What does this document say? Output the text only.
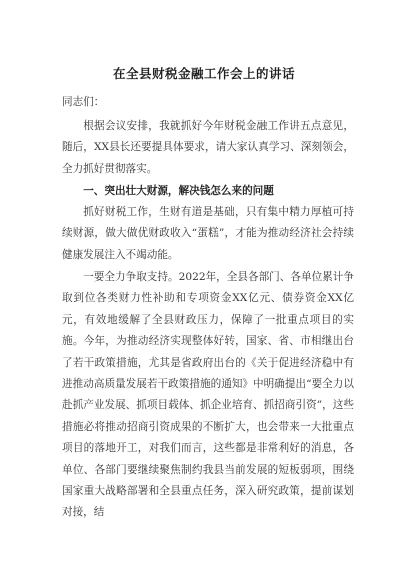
在全县财税金融工作会上的讲话
同志们：

根据会议安排，我就抓好今年财税金融工作讲五点意见，随后，XX县长还要提具体要求，请大家认真学习、深刻领会，全力抓好贯彻落实。

一、突出壮大财源，解决钱怎么来的问题

抓好财税工作，生财有道是基础，只有集中精力厚植可持续财源，做大做优财政收入“蛋糕”，才能为推动经济社会持续健康发展注入不竭动能。

一要全力争取支持。2022年，全县各部门、各单位累计争取到位各类财力性补助和专项资金XX亿元、债券资金XX亿元，有效地缓解了全县财政压力，保障了一批重点项目的实施。今年，为推动经济实现整体好转，国家、省、市相继出台了若干政策措施，尤其是省政府出台的《关于促进经济稳中有进推动高质量发展若干政策措施的通知》中明确提出“要全力以赴抓产业发展、抓项目载体、抓企业培育、抓招商引资”，这些措施必将推动招商引资成果的不断扩大，也会带来一大批重点项目的落地开工，对我们而言，这些都是非常利好的消息，各单位、各部门要继续聚焦制约我县当前发展的短板弱项，围绕国家重大战略部署和全县重点任务，深入研究政策，提前谋划对接，结
